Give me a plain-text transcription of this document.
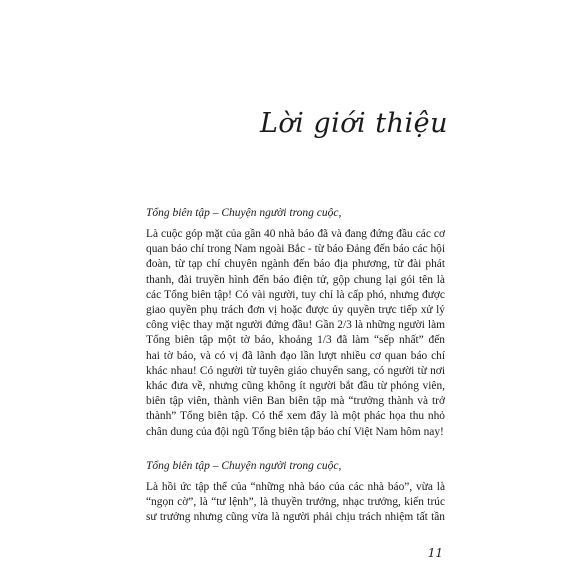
Lời giới thiệu

Tổng biên tập – Chuyện người trong cuộc,

Là cuộc góp mặt của gần 40 nhà báo đã và đang đứng đầu các cơ
quan báo chí trong Nam ngoài Bắc - từ báo Đảng đến báo các hội
đoàn, từ tạp chí chuyên ngành đến báo địa phương, từ đài phát
thanh, đài truyền hình đến báo điện tử, gộp chung lại gói tên là
các Tổng biên tập! Có vài người, tuy chỉ là cấp phó, nhưng được
giao quyền phụ trách đơn vị hoặc được ủy quyền trực tiếp xử lý
công việc thay mặt người đứng đầu! Gần 2/3 là những người làm
Tổng biên tập một tờ báo, khoảng 1/3 đã làm “sếp nhất” đến
hai tờ báo, và có vị đã lãnh đạo lần lượt nhiều cơ quan báo chí
khác nhau! Có người từ tuyên giáo chuyển sang, có người từ nơi
khác đưa về, nhưng cũng không ít người bắt đầu từ phóng viên,
biên tập viên, thành viên Ban biên tập mà “trưởng thành và trở
thành” Tổng biên tập. Có thể xem đây là một phác họa thu nhỏ
chân dung của đội ngũ Tổng biên tập báo chí Việt Nam hôm nay!

Tổng biên tập – Chuyện người trong cuộc,

Là hồi ức tập thể của “những nhà báo của các nhà báo”, vừa là
“ngọn cờ”, là “tư lệnh”, là thuyền trưởng, nhạc trưởng, kiến trúc
sư trưởng nhưng cũng vừa là người phải chịu trách nhiệm tất tần
11
